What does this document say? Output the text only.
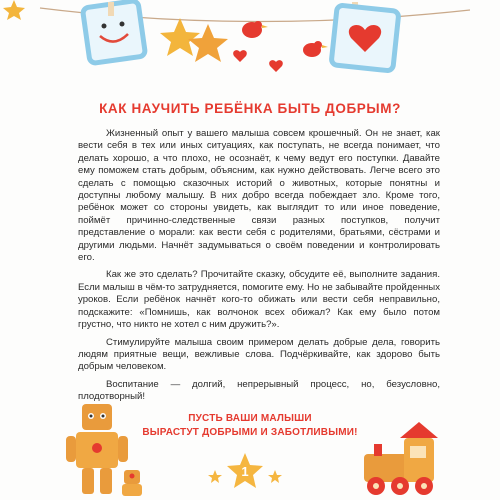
КАК НАУЧИТЬ РЕБЁНКА БЫТЬ ДОБРЫМ?

Жизненный опыт у вашего малыша совсем крошечный. Он не знает, как вести себя в тех или иных ситуациях, как поступать, не всегда понимает, что делать хорошо, а что плохо, не осознаёт, к чему ведут его поступки. Давайте ему поможем стать добрым, объясним, как нужно действовать. Легче всего это сделать с помощью сказочных историй о животных, которые понятны и доступны любому малышу. В них добро всегда побеждает зло. Кроме того, ребёнок может со стороны увидеть, как выглядит то или иное поведение, поймёт причинно-следственные связи разных поступков, получит представление о морали: как вести себя с родителями, братьями, сёстрами и другими людьми. Начнёт задумываться о своём поведении и контролировать его.

Как же это сделать? Прочитайте сказку, обсудите её, выполните задания. Если малыш в чём-то затрудняется, помогите ему. Но не забывайте пройденных уроков. Если ребёнок начнёт кого-то обижать или вести себя неправильно, подскажите: «Помнишь, как волчонок всех обижал? Как ему было потом грустно, что никто не хотел с ним дружить?».

Стимулируйте малыша своим примером делать добрые дела, говорить людям приятные вещи, вежливые слова. Подчёркивайте, как здорово быть добрым человеком.

Воспитание — долгий, непрерывный процесс, но, безусловно, плодотворный!

ПУСТЬ ВАШИ МАЛЫШИ
ВЫРАСТУТ ДОБРЫМИ И ЗАБОТЛИВЫМИ!
1
